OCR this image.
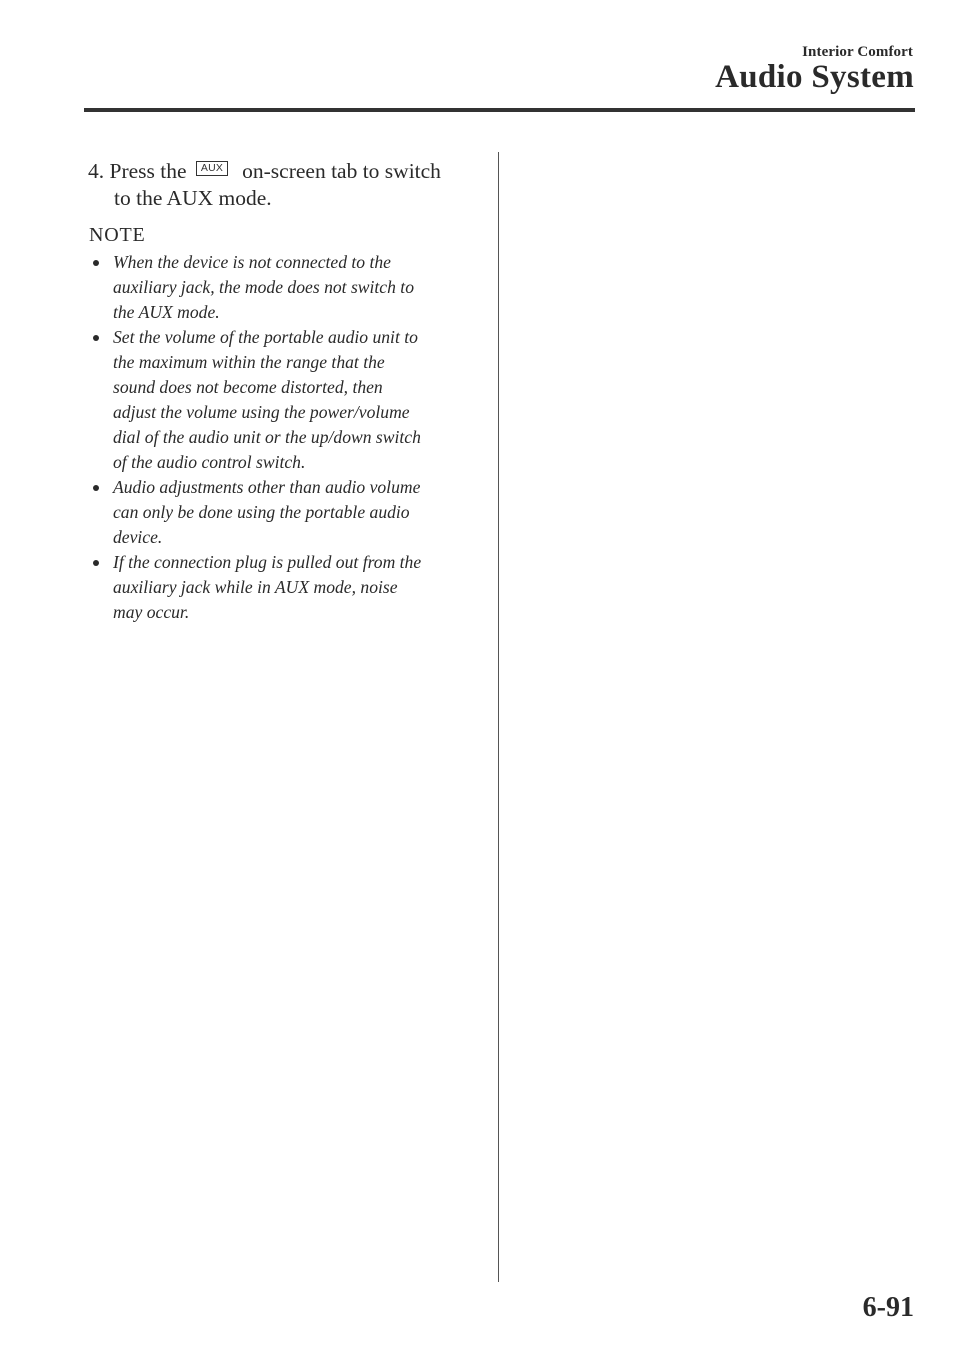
Interior Comfort
Audio System
4. Press the AUX on-screen tab to switch
to the AUX mode.
NOTE
When the device is not connected to the
auxiliary jack, the mode does not switch to
the AUX mode.
Set the volume of the portable audio unit to
the maximum within the range that the
sound does not become distorted, then
adjust the volume using the power/volume
dial of the audio unit or the up/down switch
of the audio control switch.
Audio adjustments other than audio volume
can only be done using the portable audio
device.
If the connection plug is pulled out from the
auxiliary jack while in AUX mode, noise
may occur.
6-91
